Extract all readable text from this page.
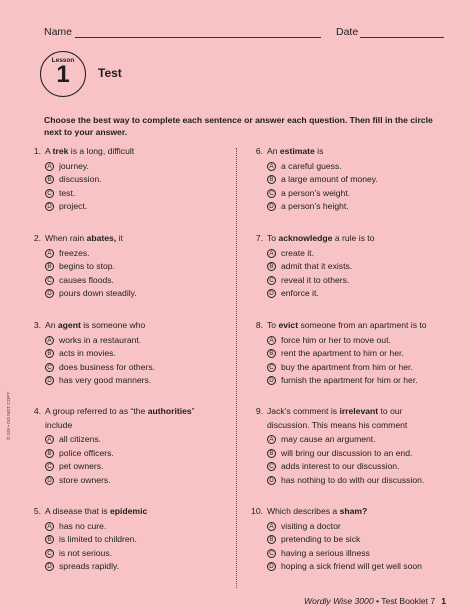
Name	Date
Lesson
1	Test
Choose the best way to complete each sentence or answer each question. Then fill in the circle next to your answer.
1. A trek is a long, difficult
A journey.
B discussion.
C test.
D project.
2. When rain abates, it
A freezes.
B begins to stop.
C causes floods.
D pours down steadily.
3. An agent is someone who
A works in a restaurant.
B acts in movies.
C does business for others.
D has very good manners.
4. A group referred to as “the authorities”
include
A all citizens.
B police officers.
C pet owners.
D store owners.
5. A disease that is epidemic
A has no cure.
B is limited to children.
C is not serious.
D spreads rapidly.
6. An estimate is
A a careful guess.
B a large amount of money.
C a person’s weight.
D a person’s height.
7. To acknowledge a rule is to
A create it.
B admit that it exists.
C reveal it to others.
D enforce it.
8. To evict someone from an apartment is to
A force him or her to move out.
B rent the apartment to him or her.
C buy the apartment from him or her.
D furnish the apartment for him or her.
9. Jack’s comment is irrelevant to our
discussion. This means his comment
A may cause an argument.
B will bring our discussion to an end.
C adds interest to our discussion.
D has nothing to do with our discussion.
10. Which describes a sham?
A visiting a doctor
B pretending to be sick
C having a serious illness
D hoping a sick friend will get well soon
© SSI • DO NOT COPY
Wordly Wise 3000 • Test Booklet 7 1
